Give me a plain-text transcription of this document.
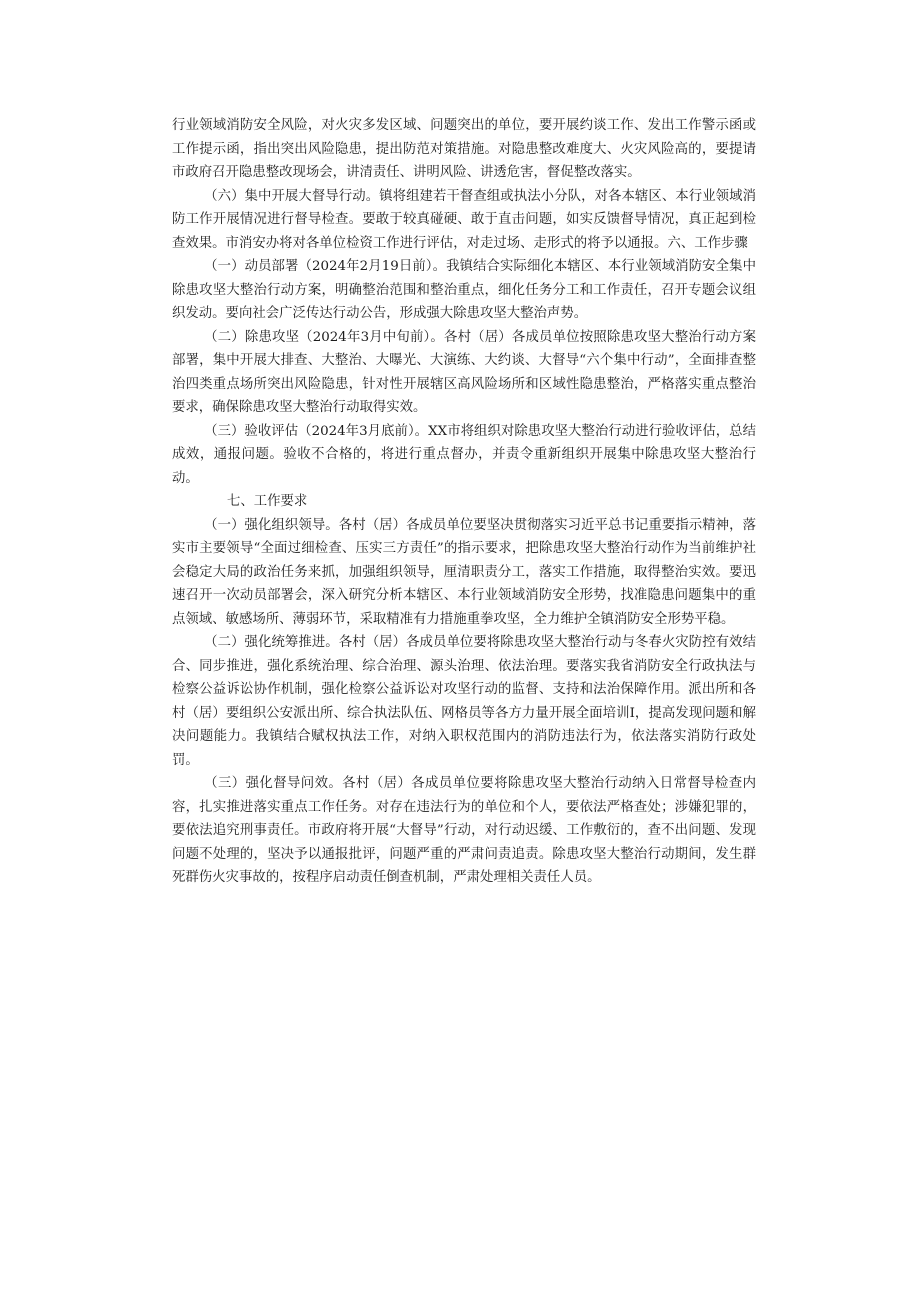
行业领域消防安全风险，对火灾多发区域、问题突出的单位，要开展约谈工作、发出工作警示函或工作提示函，指出突出风险隐患，提出防范对策措施。对隐患整改难度大、火灾风险高的，要提请市政府召开隐患整改现场会，讲清责任、讲明风险、讲透危害，督促整改落实。

（六）集中开展大督导行动。镇将组建若干督查组或执法小分队，对各本辖区、本行业领域消防工作开展情况进行督导检查。要敢于较真碰硬、敢于直击问题，如实反馈督导情况，真正起到检查效果。市消安办将对各单位检资工作进行评估，对走过场、走形式的将予以通报。六、工作步骤

（一）动员部署（2024年2月19日前）。我镇结合实际细化本辖区、本行业领域消防安全集中除患攻坚大整治行动方案，明确整治范围和整治重点，细化任务分工和工作责任，召开专题会议组织发动。要向社会广泛传达行动公告，形成强大除患攻坚大整治声势。

（二）除患攻坚（2024年3月中旬前）。各村（居）各成员单位按照除患攻坚大整治行动方案部署，集中开展大排查、大整治、大曝光、大演练、大约谈、大督导“六个集中行动”，全面排查整治四类重点场所突出风险隐患，针对性开展辖区高风险场所和区域性隐患整治，严格落实重点整治要求，确保除患攻坚大整治行动取得实效。

（三）验收评估（2024年3月底前）。XX市将组织对除患攻坚大整治行动进行验收评估，总结成效，通报问题。验收不合格的，将进行重点督办，并责令重新组织开展集中除患攻坚大整治行动。

七、工作要求

（一）强化组织领导。各村（居）各成员单位要坚决贯彻落实习近平总书记重要指示精神，落实市主要领导“全面过细检查、压实三方责任”的指示要求，把除患攻坚大整治行动作为当前维护社会稳定大局的政治任务来抓，加强组织领导，厘清职责分工，落实工作措施，取得整治实效。要迅速召开一次动员部署会，深入研究分析本辖区、本行业领域消防安全形势，找准隐患问题集中的重点领域、敏感场所、薄弱环节，采取精准有力措施重拳攻坚，全力维护全镇消防安全形势平稳。

（二）强化统筹推进。各村（居）各成员单位要将除患攻坚大整治行动与冬春火灾防控有效结合、同步推进，强化系统治理、综合治理、源头治理、依法治理。要落实我省消防安全行政执法与检察公益诉讼协作机制，强化检察公益诉讼对攻坚行动的监督、支持和法治保障作用。派出所和各村（居）要组织公安派出所、综合执法队伍、网格员等各方力量开展全面培训I，提高发现问题和解决问题能力。我镇结合赋权执法工作，对纳入职权范围内的消防违法行为，依法落实消防行政处罚。

（三）强化督导问效。各村（居）各成员单位要将除患攻坚大整治行动纳入日常督导检查内容，扎实推进落实重点工作任务。对存在违法行为的单位和个人，要依法严格查处；涉嫌犯罪的，要依法追究刑事责任。市政府将开展“大督导”行动，对行动迟缓、工作敷衍的，查不出问题、发现问题不处理的，坚决予以通报批评，问题严重的严肃问责追责。除患攻坚大整治行动期间，发生群死群伤火灾事故的，按程序启动责任倒查机制，严肃处理相关责任人员。
